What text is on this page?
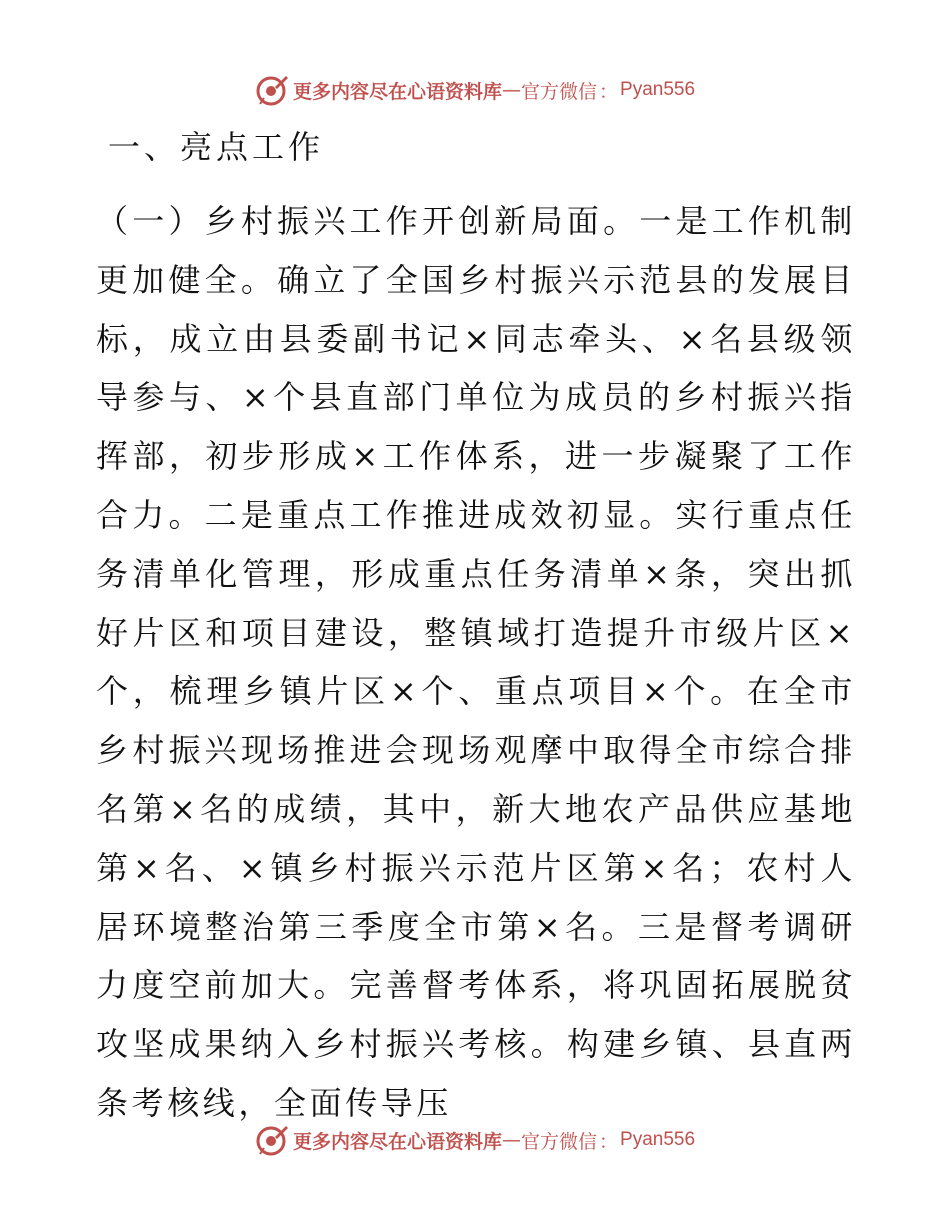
更多内容尽在心语资料库 — 官方微信 ： Pyan556
一、亮点工作

（一）乡村振兴工作开创新局面。一是工作机制更加健全。确立了全国乡村振兴示范县的发展目标，成立由县委副书记×同志牵头、×名县级领导参与、×个县直部门单位为成员的乡村振兴指挥部，初步形成×工作体系，进一步凝聚了工作合力。二是重点工作推进成效初显。实行重点任务清单化管理，形成重点任务清单×条，突出抓好片区和项目建设，整镇域打造提升市级片区×个，梳理乡镇片区×个、重点项目×个。在全市乡村振兴现场推进会现场观摩中取得全市综合排名第×名的成绩，其中，新大地农产品供应基地第×名、×镇乡村振兴示范片区第×名；农村人居环境整治第三季度全市第×名。三是督考调研力度空前加大。完善督考体系，将巩固拓展脱贫攻坚成果纳入乡村振兴考核。构建乡镇、县直两条考核线，全面传导压

更多内容尽在心语资料库 — 官方微信 ： Pyan556
